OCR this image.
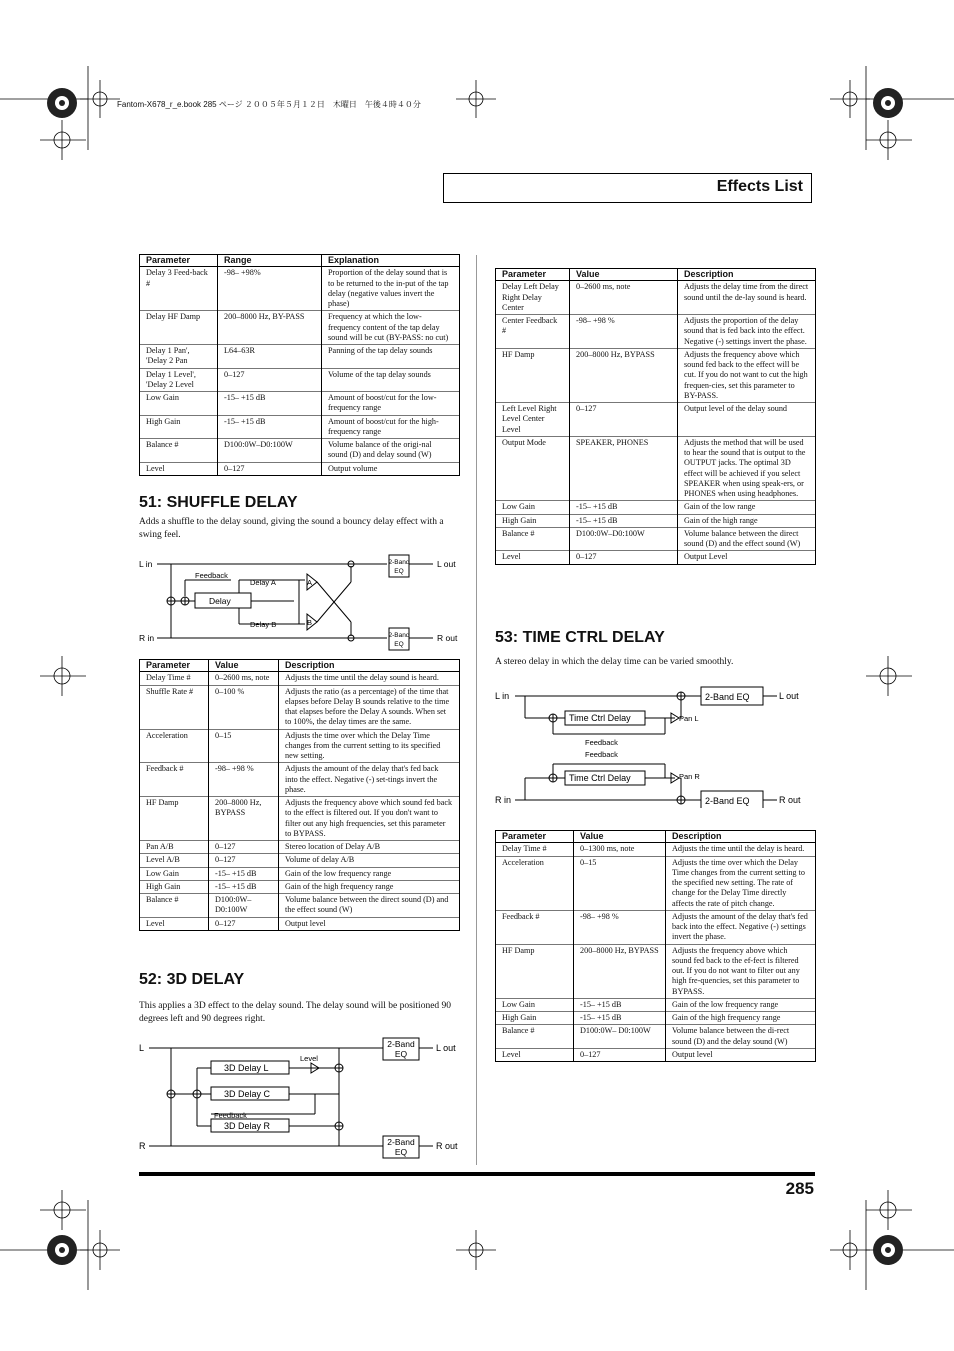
Fantom-X678_r_e.book 285 ページ ２００５年５月１２日　木曜日　午後４時４０分
Effects List
Parameter	Range	Explanation
Delay 3 Feed-back #	-98– +98%	Proportion of the delay sound that is to be returned to the in-put of the tap delay (negative values invert the phase)
Delay HF Damp	200–8000 Hz, BY-PASS	Frequency at which the low-frequency content of the tap delay sound will be cut (BY-PASS: no cut)
Delay 1 Pan', 'Delay 2 Pan	L64–63R	Panning of the tap delay sounds
Delay 1 Level', 'Delay 2 Level	0–127	Volume of the tap delay sounds
Low Gain	-15– +15 dB	Amount of boost/cut for the low-frequency range
High Gain	-15– +15 dB	Amount of boost/cut for the high-frequency range
Balance #	D100:0W–D0:100W	Volume balance of the origi-nal sound (D) and delay sound (W)
Level	0–127	Output volume
51: SHUFFLE DELAY
Adds a shuffle to the delay sound, giving the sound a bouncy delay effect with a swing feel.
L in
R in
L out
R out
Delay
Feedback
Delay A
Delay B
A
B
2-Band
EQ
2-Band
EQ
Parameter	Value	Description
Delay Time #	0–2600 ms, note	Adjusts the time until the delay sound is heard.
Shuffle Rate #	0–100 %	Adjusts the ratio (as a percentage) of the time that elapses before Delay B sounds relative to the time that elapses before the Delay A sounds. When set to 100%, the delay times are the same.
Acceleration	0–15	Adjusts the time over which the Delay Time changes from the current setting to its specified new setting.
Feedback #	-98– +98 %	Adjusts the amount of the delay that's fed back into the effect. Negative (-) set-tings invert the phase.
HF Damp	200–8000 Hz, BYPASS	Adjusts the frequency above which sound fed back to the effect is filtered out. If you don't want to filter out any high frequencies, set this parameter to BYPASS.
Pan A/B	0–127	Stereo location of Delay A/B
Level A/B	0–127	Volume of delay A/B
Low Gain	-15– +15 dB	Gain of the low frequency range
High Gain	-15– +15 dB	Gain of the high frequency range
Balance #	D100:0W– D0:100W	Volume balance between the direct sound (D) and the effect sound (W)
Level	0–127	Output level
52: 3D DELAY
This applies a 3D effect to the delay sound. The delay sound will be positioned 90 degrees left and 90 degrees right.
L
R
L out
R out
3D Delay L
3D Delay C
3D Delay R
Level
Feedback
2-Band
EQ
2-Band
EQ
Parameter	Value	Description
Delay Left Delay Right Delay Center	0–2600 ms, note	Adjusts the delay time from the direct sound until the de-lay sound is heard.
Center Feedback #	-98– +98 %	Adjusts the proportion of the delay sound that is fed back into the effect. Negative (-) settings invert the phase.
HF Damp	200–8000 Hz, BYPASS	Adjusts the frequency above which sound fed back to the effect will be cut. If you do not want to cut the high frequen-cies, set this parameter to BY-PASS.
Left Level Right Level Center Level	0–127	Output level of the delay sound
Output Mode	SPEAKER, PHONES	Adjusts the method that will be used to hear the sound that is output to the OUTPUT jacks. The optimal 3D effect will be achieved if you select SPEAKER when using speak-ers, or PHONES when using headphones.
Low Gain	-15– +15 dB	Gain of the low range
High Gain	-15– +15 dB	Gain of the high range
Balance #	D100:0W–D0:100W	Volume balance between the direct sound (D) and the effect sound (W)
Level	0–127	Output Level
53: TIME CTRL DELAY
A stereo delay in which the delay time can be varied smoothly.
L in
R in
L out
R out
Time Ctrl Delay
Time Ctrl Delay
2-Band EQ
2-Band EQ
Pan L
Pan R
Feedback
Feedback
Parameter	Value	Description
Delay Time #	0–1300 ms, note	Adjusts the time until the delay is heard.
Acceleration	0–15	Adjusts the time over which the Delay Time changes from the current setting to the specified new setting. The rate of change for the Delay Time directly affects the rate of pitch change.
Feedback #	-98– +98 %	Adjusts the amount of the delay that's fed back into the effect. Negative (-) settings invert the phase.
HF Damp	200–8000 Hz, BYPASS	Adjusts the frequency above which sound fed back to the ef-fect is filtered out. If you do not want to filter out any high fre-quencies, set this parameter to BYPASS.
Low Gain	-15– +15 dB	Gain of the low frequency range
High Gain	-15– +15 dB	Gain of the high frequency range
Balance #	D100:0W– D0:100W	Volume balance between the di-rect sound (D) and the delay sound (W)
Level	0–127	Output level
285
